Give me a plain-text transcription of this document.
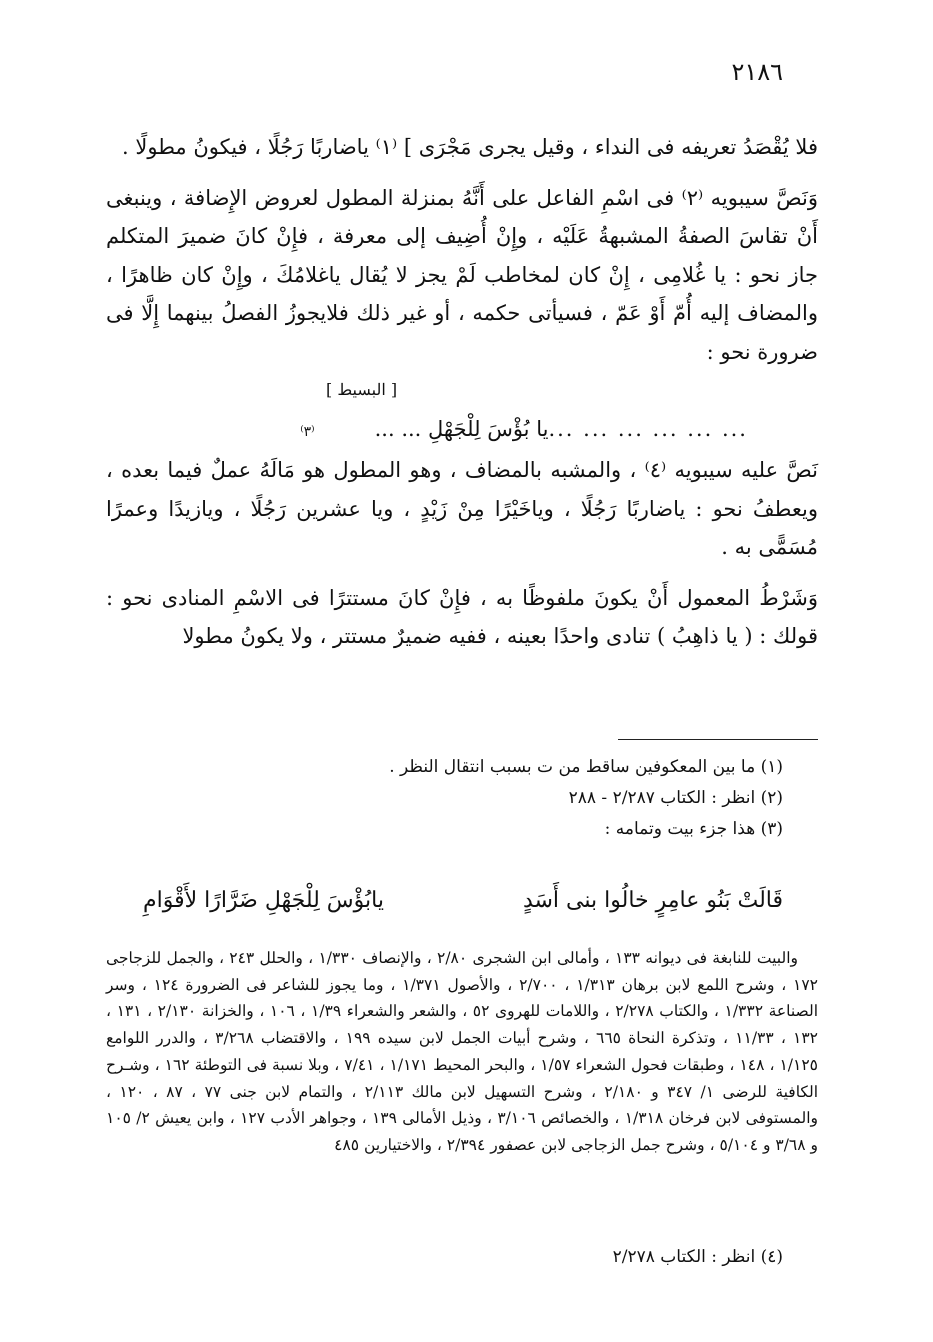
٢١٨٦

فلا يُقْصَدُ تعريفه فى النداء ، وقيل يجرى مَجْرَى ] ⁽١⁾ ياضاربًا رَجُلًا ، فيكونُ مطولًا .

وَنَصَّ سيبويه ⁽٢⁾ فى اسْمِ الفاعل على أَنَّهُ بمنزلة المطول لعروض الإِضافة ، وينبغى أَنْ تقاسَ الصفةُ المشبهةُ عَلَيْه ، وإِنْ أُضِيف إلى معرفة ، فإِنْ كانَ ضميرَ المتكلم جاز نحو : يا غُلامِى ، إِنْ كان لمخاطب لَمْ يجز لا يُقال ياغلامُكَ ، وإِنْ كان ظاهرًا ، والمضاف إليه أُمّ أَوْ عَمّ ، فسيأتى حكمه ، أو غير ذلك فلايجوزُ الفصلُ بينهما إِلَّا فى ضرورة نحو :

[ البسيط ]
... ... ... ... ... ...
يا بُؤْسَ لِلْجَهْلِ ... ...
⁽٣⁾

نَصَّ عليه سيبويه ⁽٤⁾ ، والمشبه بالمضاف ، وهو المطول هو مَالَهُ عملٌ فيما بعده ، ويعطفُ نحو : ياضاربًا رَجُلًا ، وياخَيْرًا مِنْ زَيْدٍ ، ويا عشرين رَجُلًا ، ويازيدًا وعمرًا مُسَمًّى به .

وَشَرْطُ المعمول أَنْ يكونَ ملفوظًا به ، فإِنْ كانَ مستترًا فى الاسْمِ المنادى نحو : قولك : ( يا ذاهِبُ ) تنادى واحدًا بعينه ، ففيه ضميرٌ مستتر ، ولا يكونُ مطولا

(١) ما بين المعكوفين ساقط من ت بسبب انتقال النظر .
(٢) انظر : الكتاب ٢/٢٨٧ - ٢٨٨
(٣) هذا جزء بيت وتمامه :
قَالَتْ بَنُو عامِرٍ خالُوا بنى أَسَدٍ
يابُؤْسَ لِلْجَهْلِ ضَرَّارًا لأَقْوَامِ

والبيت للنابغة فى ديوانه ١٣٣ ، وأمالى ابن الشجرى ٢/٨٠ ، والإنصاف ١/٣٣٠ ، والحلل ٢٤٣ ، والجمل للزجاجى ١٧٢ ، وشرح اللمع لابن برهان ١/٣١٣ ، ٢/٧٠٠ ، والأصول ١/٣٧١ ، وما يجوز للشاعر فى الضرورة ١٢٤ ، وسر الصناعة ١/٣٣٢ ، والكتاب ٢/٢٧٨ ، واللامات للهروى ٥٢ ، والشعر والشعراء ١/٣٩ ، ١٠٦ ، والخزانة ٢/١٣٠ ، ١٣١ ، ١٣٢ ، ١١/٣٣ ، وتذكرة النحاة ٦٦٥ ، وشرح أبيات الجمل لابن سيده ١٩٩ ، والاقتضاب ٣/٢٦٨ ، والدرر اللوامع ١/١٢٥ ، ١٤٨ ، وطبقات فحول الشعراء ١/٥٧ ، والبحر المحيط ١/١٧١ ، ٧/٤١ ، وبلا نسبة فى التوطئة ١٦٢ ، وشـرح الكافية للرضى ١/ ٣٤٧ و ٢/١٨٠ ، وشرح التسهيل لابن مالك ٢/١١٣ ، والتمام لابن جنى ٧٧ ، ٨٧ ، ١٢٠ ، والمستوفى لابن فرخان ١/٣١٨ ، والخصائص ٣/١٠٦ ، وذيل الأمالى ١٣٩ ، وجواهر الأدب ١٢٧ ، وابن يعيش ٢/ ١٠٥ و ٣/٦٨ و ٥/١٠٤ ، وشرح جمل الزجاجى لابن عصفور ٢/٣٩٤ ، والاختيارين ٤٨٥

(٤) انظر : الكتاب ٢/٢٧٨
